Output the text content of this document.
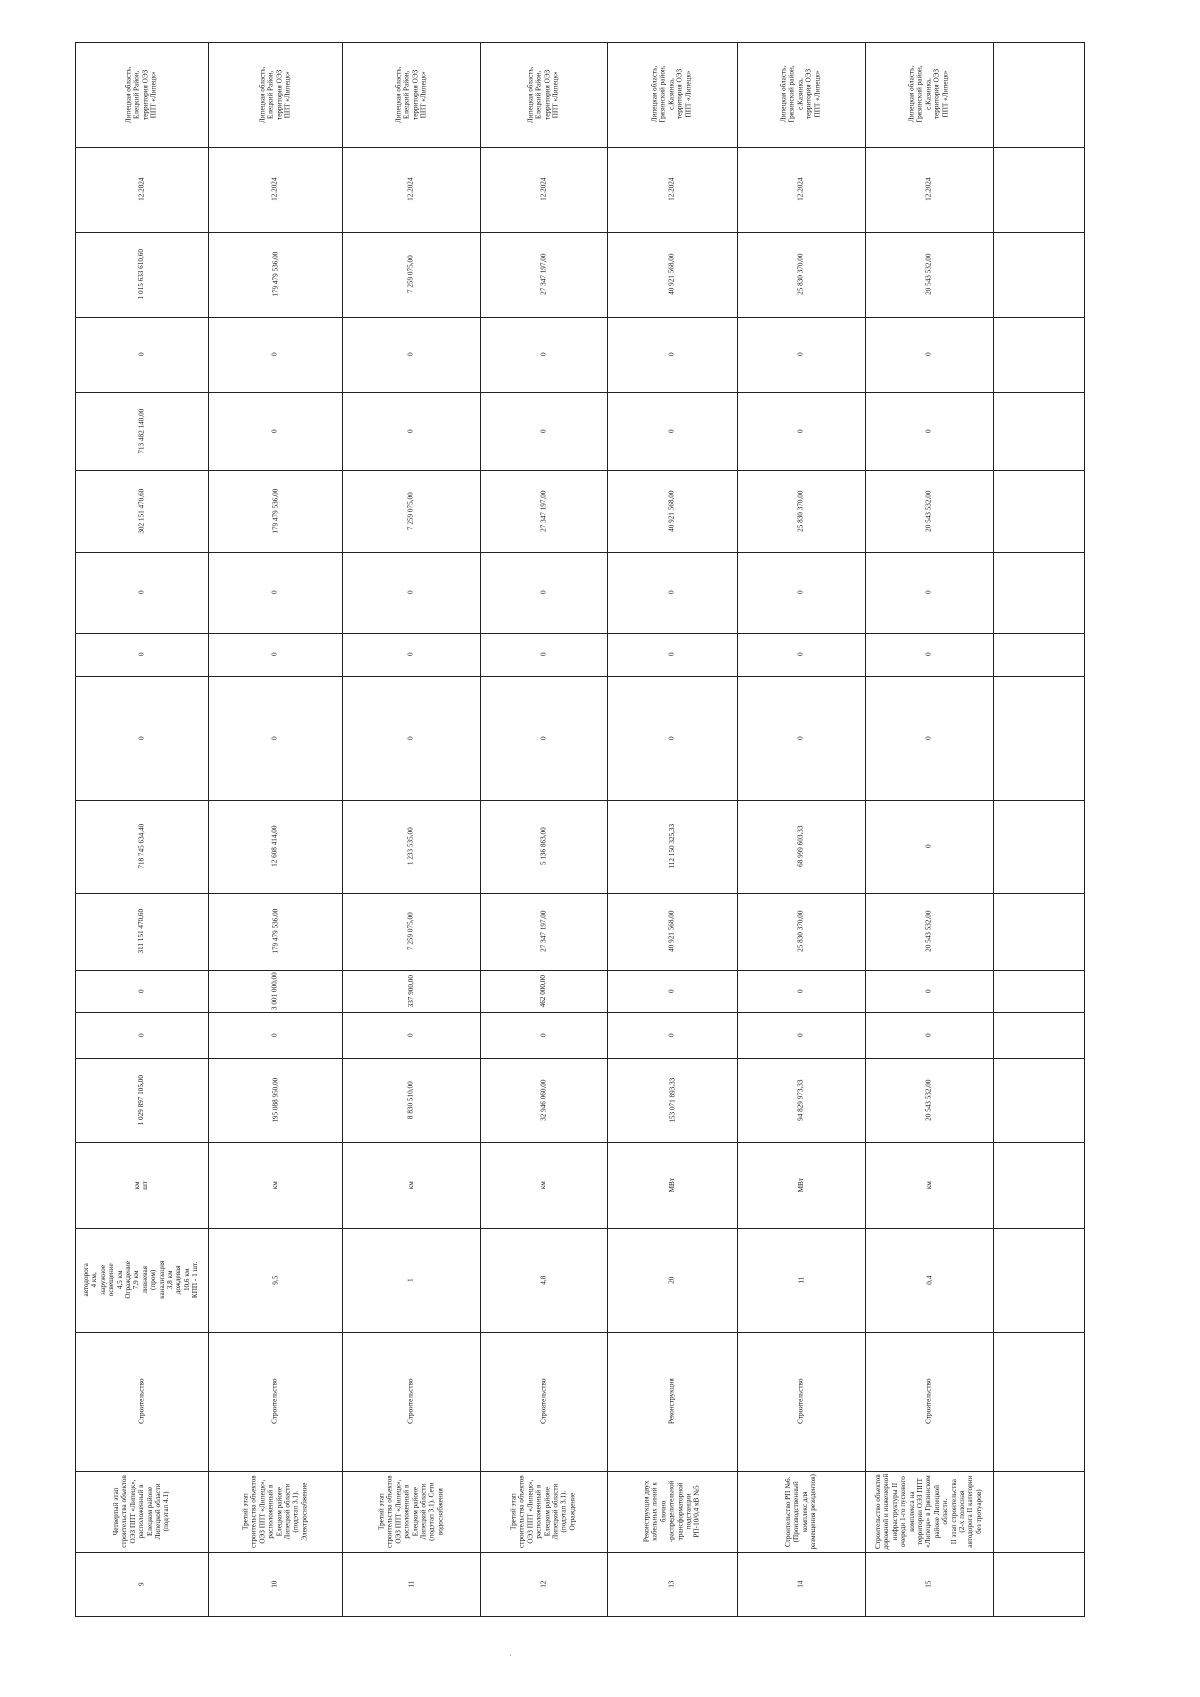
Липецкая область,
Елецкий Район,
территория ОЭЗ
ППТ «Липецк»
12.2024
1 015 633 610,60
0
713 482 140,00
302 151 470,60
0
0
0
718 745 634,40
311 151 470,60
0
0
1 029 897 105,00
км
шт
автодорога
4 км,
наружное
освещение
4,5 км
Ограждение
7,9 км
ливневая
(пром)
канализация
3,8 км
дождевая
10,6 км
КПП - 1 шт.
Строительство
Четвертый этап
строительства объектов
ОЭЗ ППТ «Липецк»,
расположенный в
Елецком районе
Липецкой области
(подэтап 4.1)
9
Липецкая область,
Елецкий Район,
территория ОЭЗ
ППТ «Липецк»
12.2024
179 479 536,00
0
0
179 479 536,00
0
0
0
12 608 414,00
179 479 536,00
3 001 000,00
0
195 088 950,00
км
9,5
Строительство
Третий этап
строительства объектов
ОЭЗ ППТ «Липецк»,
расположенный в
Елецком районе
Липецкой области
(подэтап 3.1).
Электроснабжение
10
Липецкая область,
Елецкий Район,
территория ОЭЗ
ППТ «Липецк»
12.2024
7 259 075,00
0
0
7 259 075,00
0
0
0
1 233 535,00
7 259 075,00
337 900,00
0
8 830 510,00
км
1
Строительство
Третий этап
строительства объектов
ОЭЗ ППТ «Липецк»,
расположенный в
Елецком районе
Липецкой области
(подэтап 3.1). Сети
водоснабжения
11
Липецкая область,
Елецкий Район,
территория ОЭЗ
ППТ «Липецк»
12.2024
27 347 197,00
0
0
27 347 197,00
0
0
0
5 136 863,00
27 347 197,00
462 000,00
0
32 946 060,00
км
4,8
Строительство
Третий этап
строительства объектов
ОЭЗ ППТ «Липецк»,
расположенный в
Елецком районе
Липецкой области
(подэтап 3.1).
Ограждение
12
Липецкая область,
Грязинский район,
с.Казинка,
территория ОЭЗ
ППТ «Липецк»
12.2024
40 921 568,00
0
0
40 921 568,00
0
0
0
112 150 325,33
40 921 568,00
0
0
153 071 893,33
МВт
20
Реконструкция
Реконструкция двух
кабельных линий к
блочно
-распределительной
трансформаторной
подстанции
РП-10/0,4 кВ №5
13
Липецкая область,
Грязинский район,
с.Казинка,
территория ОЭЗ
ППТ «Липецк»
12.2024
25 830 370,00
0
0
25 830 370,00
0
0
0
68 999 603,33
25 830 370,00
0
0
94 829 973,33
МВт
11
Строительство
Строительство РП №6.
(Производственный
комплекс для
размещения резидентов)
14
Липецкая область,
Грязинский район,
с.Казинка,
территория ОЭЗ
ППТ «Липецк»
12.2024
20 543 532,00
0
0
20 543 532,00
0
0
0
0
20 543 532,00
0
0
20 543 532,00
км
0,4
Строительство
Строительство объектов
дорожной и инженерной
инфраструктуры II
очереди 1-го пускового
комплекса на
территории ОЭЗ ППТ
«Липецк» в Грязинском
районе Липецкой
области.
II этап строительства
(2-х полосная
автодорога II категории
без тротуаров)
15
